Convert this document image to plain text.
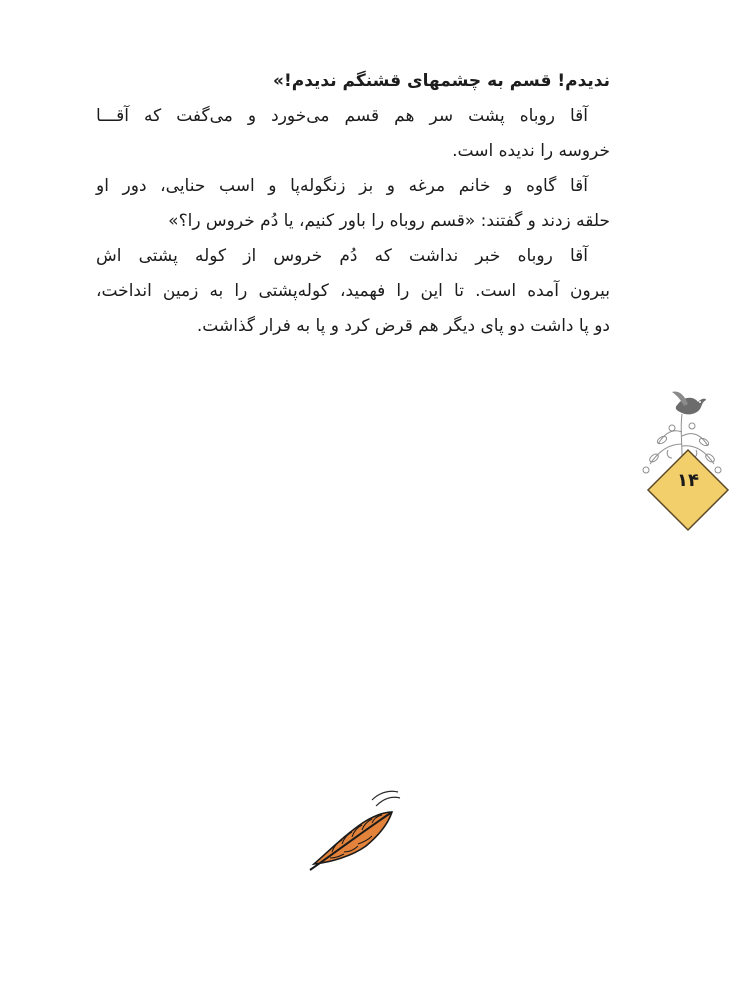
ندیدم! قسم به چشمهای قشنگم ندیدم!»
آقا روباه پشت سر هم قسم می‌خورد و می‌گفت که آقـــا
خروسه را ندیده است.
آقا گاوه و خانم مرغه و بز زنگوله‌پا و اسب حنایی، دور او
حلقه زدند و گفتند: «قسم روباه را باور کنیم، یا دُم خروس را؟»
آقا روباه خبر نداشت که دُم خروس از کوله پشتی اش
بیرون آمده است. تا این را فهمید، کوله‌پشتی را به زمین انداخت،
دو پا داشت دو پای دیگر هم قرض کرد و پا به فرار گذاشت.
۱۴
